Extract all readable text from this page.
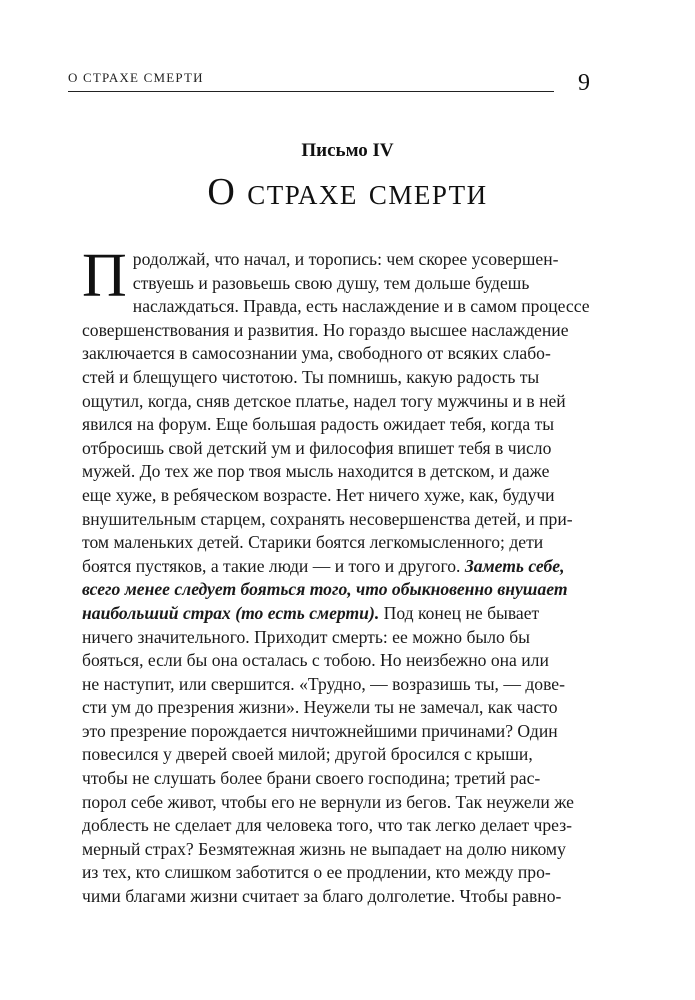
О СТРАХЕ СМЕРТИ	9
Письмо IV
О страхе смерти
П родолжай, что начал, и торопись: чем скорее усовершен-
ствуешь и разовьешь свою душу, тем дольше будешь
наслаждаться. Правда, есть наслаждение и в самом процессе
совершенствования и развития. Но гораздо высшее наслаждение
заключается в самосознании ума, свободного от всяких слабо-
стей и блещущего чистотою. Ты помнишь, какую радость ты
ощутил, когда, сняв детское платье, надел тогу мужчины и в ней
явился на форум. Еще большая радость ожидает тебя, когда ты
отбросишь свой детский ум и философия впишет тебя в число
мужей. До тех же пор твоя мысль находится в детском, и даже
еще хуже, в ребяческом возрасте. Нет ничего хуже, как, будучи
внушительным старцем, сохранять несовершенства детей, и при-
том маленьких детей. Старики боятся легкомысленного; дети
боятся пустяков, а такие люди — и того и другого. Заметь себе,
всего менее следует бояться того, что обыкновенно внушает
наибольший страх (то есть смерти). Под конец не бывает
ничего значительного. Приходит смерть: ее можно было бы
бояться, если бы она осталась с тобою. Но неизбежно она или
не наступит, или свершится. «Трудно, — возразишь ты, — дове-
сти ум до презрения жизни». Неужели ты не замечал, как часто
это презрение порождается ничтожнейшими причинами? Один
повесился у дверей своей милой; другой бросился с крыши,
чтобы не слушать более брани своего господина; третий рас-
порол себе живот, чтобы его не вернули из бегов. Так неужели же
доблесть не сделает для человека того, что так легко делает чрез-
мерный страх? Безмятежная жизнь не выпадает на долю никому
из тех, кто слишком заботится о ее продлении, кто между про-
чими благами жизни считает за благо долголетие. Чтобы равно-
